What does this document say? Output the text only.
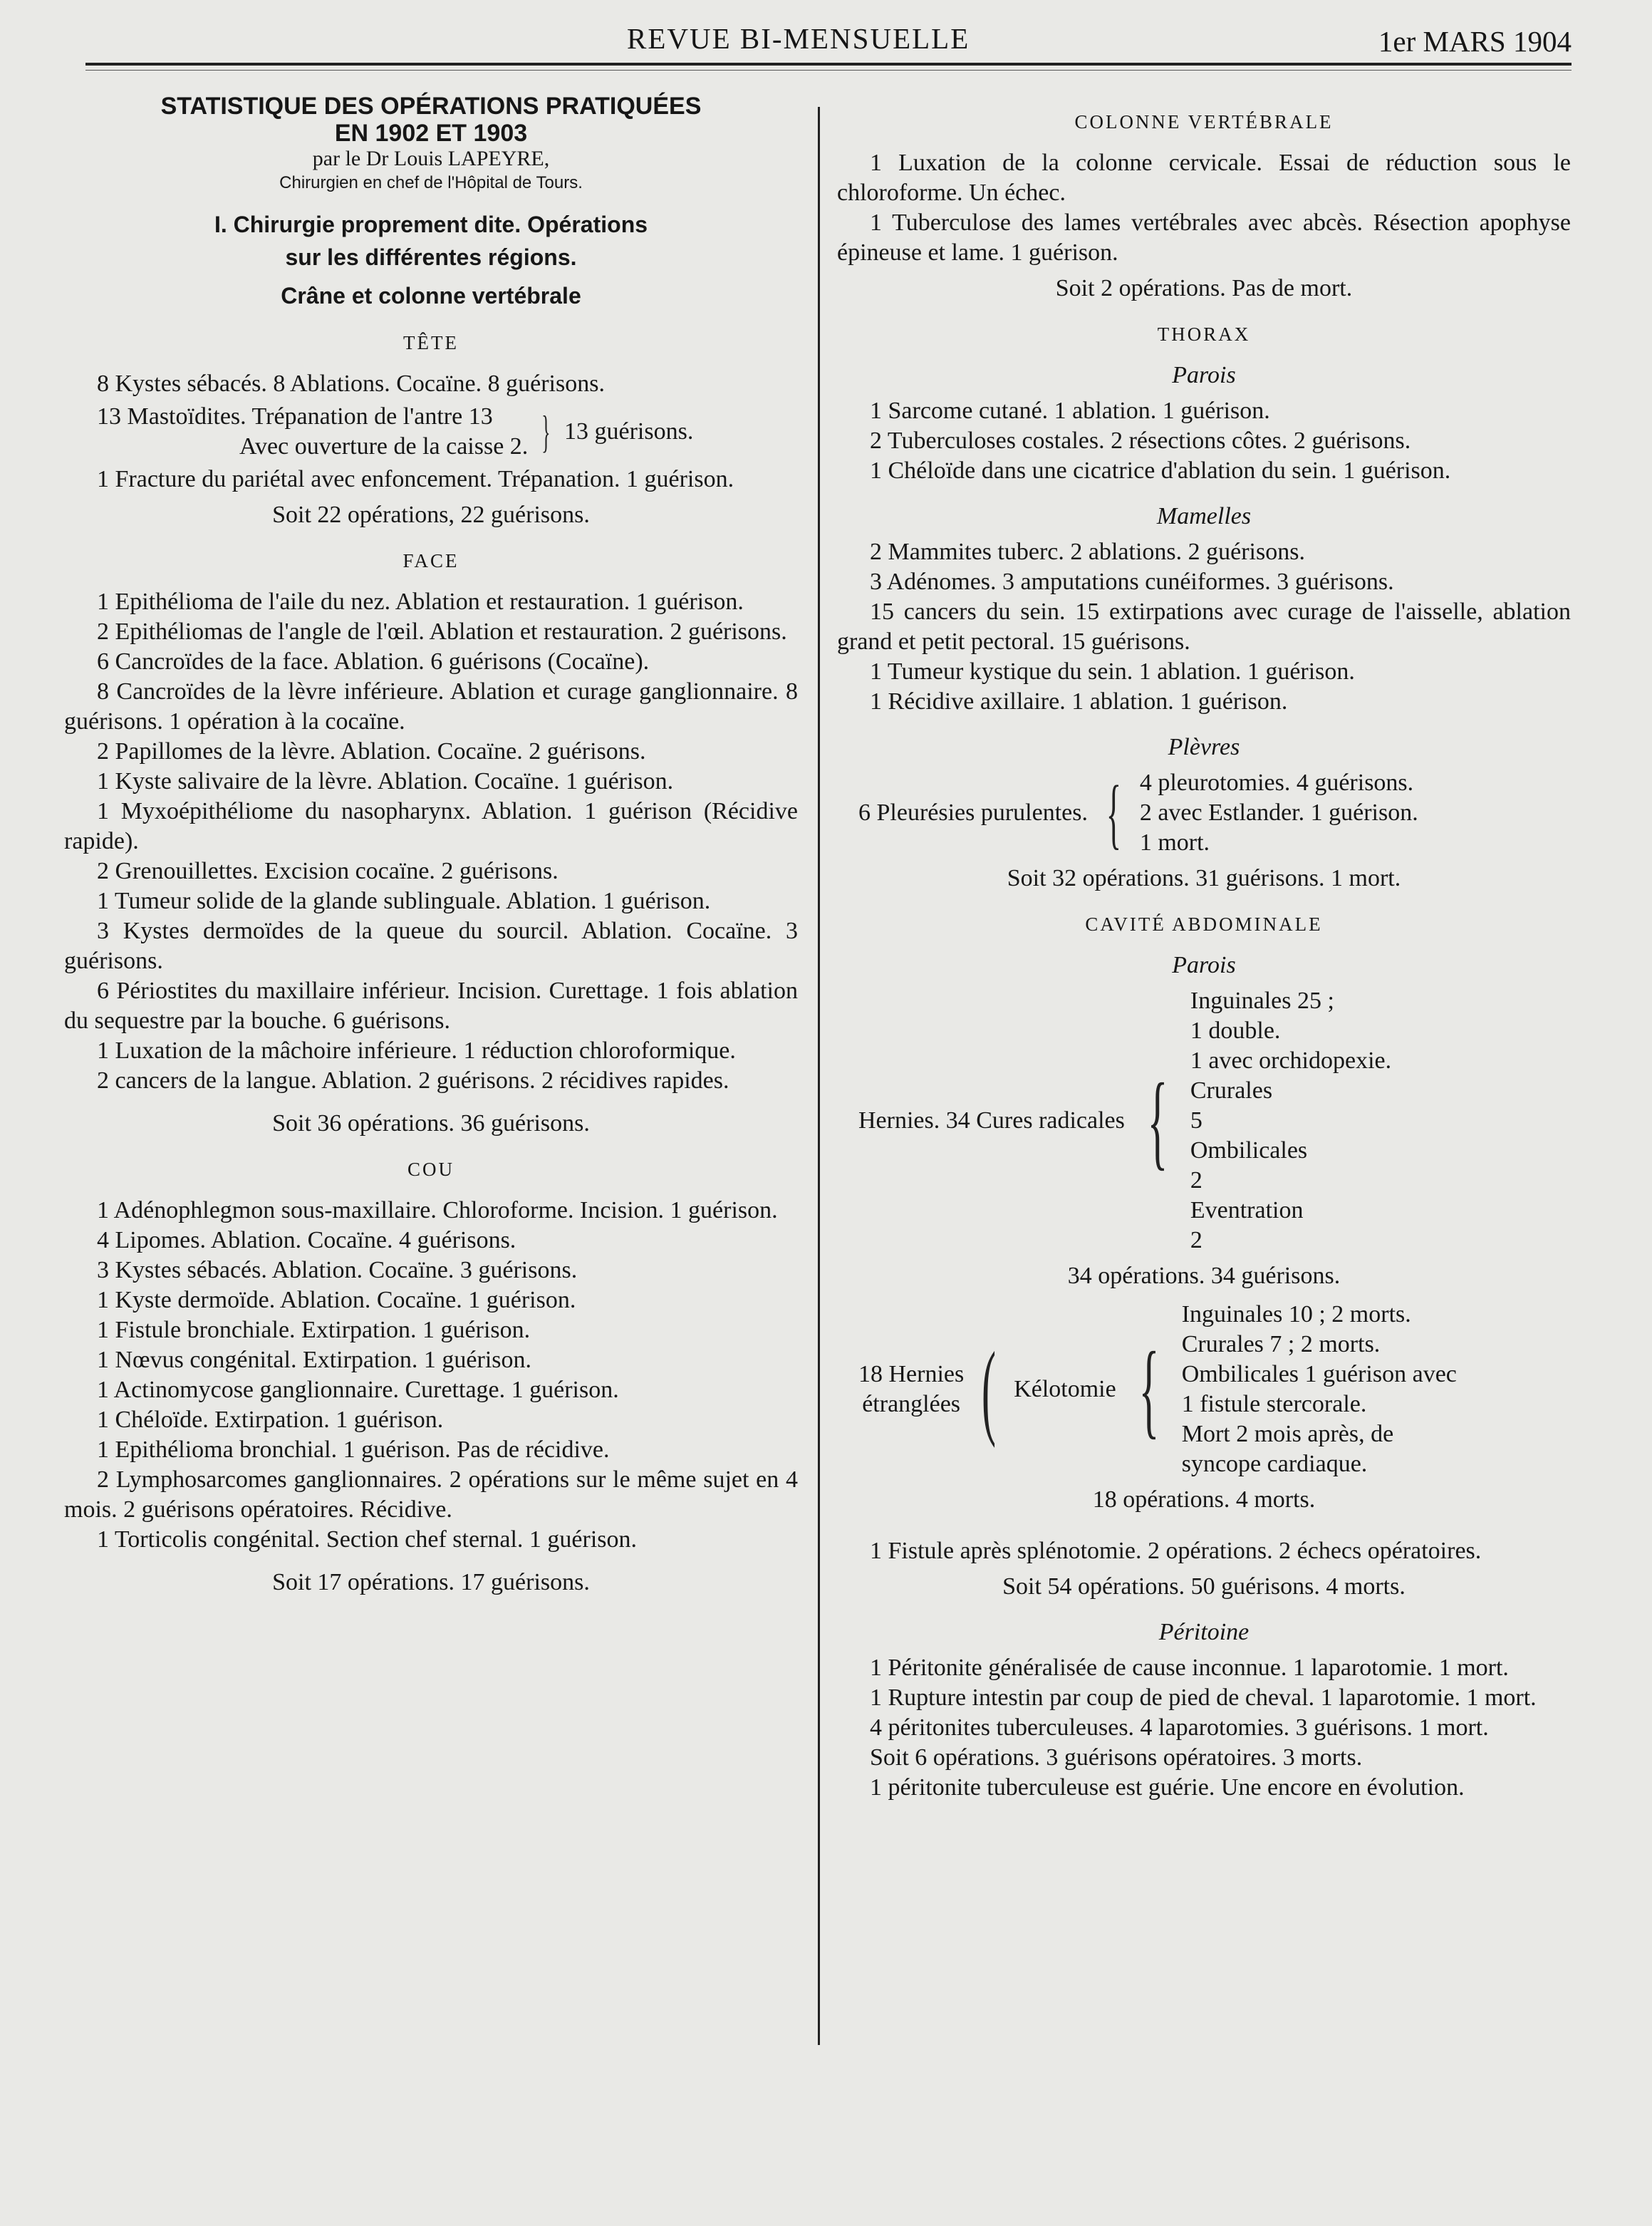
REVUE BI-MENSUELLE	1er MARS 1904

STATISTIQUE DES OPÉRATIONS PRATIQUÉES
EN 1902 ET 1903

par le Dr Louis LAPEYRE,

Chirurgien en chef de l'Hôpital de Tours.

I. Chirurgie proprement dite. Opérations

sur les différentes régions.

Crâne et colonne vertébrale

TÊTE

8 Kystes sébacés. 8 Ablations. Cocaïne. 8 guérisons.

13 Mastoïdites. Trépanation de l'antre 13
Avec ouverture de la caisse 2. } 13 guérisons.

1 Fracture du pariétal avec enfoncement. Trépanation. 1 guérison.

Soit 22 opérations, 22 guérisons.

FACE

1 Epithélioma de l'aile du nez. Ablation et restauration. 1 guérison.

2 Epithéliomas de l'angle de l'œil. Ablation et restauration. 2 guérisons.

6 Cancroïdes de la face. Ablation. 6 guérisons (Cocaïne).

8 Cancroïdes de la lèvre inférieure. Ablation et curage ganglionnaire. 8 guérisons. 1 opération à la cocaïne.

2 Papillomes de la lèvre. Ablation. Cocaïne. 2 guérisons.

1 Kyste salivaire de la lèvre. Ablation. Cocaïne. 1 guérison.

1 Myxoépithéliome du nasopharynx. Ablation. 1 guérison (Récidive rapide).

2 Grenouillettes. Excision cocaïne. 2 guérisons.

1 Tumeur solide de la glande sublinguale. Ablation. 1 guérison.

3 Kystes dermoïdes de la queue du sourcil. Ablation. Cocaïne. 3 guérisons.

6 Périostites du maxillaire inférieur. Incision. Curettage. 1 fois ablation du sequestre par la bouche. 6 guérisons.

1 Luxation de la mâchoire inférieure. 1 réduction chloroformique.

2 cancers de la langue. Ablation. 2 guérisons. 2 récidives rapides.

Soit 36 opérations. 36 guérisons.

COU

1 Adénophlegmon sous-maxillaire. Chloroforme. Incision. 1 guérison.

4 Lipomes. Ablation. Cocaïne. 4 guérisons.

3 Kystes sébacés. Ablation. Cocaïne. 3 guérisons.

1 Kyste dermoïde. Ablation. Cocaïne. 1 guérison.

1 Fistule bronchiale. Extirpation. 1 guérison.

1 Nœvus congénital. Extirpation. 1 guérison.

1 Actinomycose ganglionnaire. Curettage. 1 guérison.

1 Chéloïde. Extirpation. 1 guérison.

1 Epithélioma bronchial. 1 guérison. Pas de récidive.

2 Lymphosarcomes ganglionnaires. 2 opérations sur le même sujet en 4 mois. 2 guérisons opératoires. Récidive.

1 Torticolis congénital. Section chef sternal. 1 guérison.

Soit 17 opérations. 17 guérisons.

COLONNE VERTÉBRALE

1 Luxation de la colonne cervicale. Essai de réduction sous le chloroforme. Un échec.

1 Tuberculose des lames vertébrales avec abcès. Résection apophyse épineuse et lame. 1 guérison.

Soit 2 opérations. Pas de mort.

THORAX

Parois

1 Sarcome cutané. 1 ablation. 1 guérison.

2 Tuberculoses costales. 2 résections côtes. 2 guérisons.

1 Chéloïde dans une cicatrice d'ablation du sein. 1 guérison.

Mamelles

2 Mammites tuberc. 2 ablations. 2 guérisons.

3 Adénomes. 3 amputations cunéiformes. 3 guérisons.

15 cancers du sein. 15 extirpations avec curage de l'aisselle, ablation grand et petit pectoral. 15 guérisons.

1 Tumeur kystique du sein. 1 ablation. 1 guérison.

1 Récidive axillaire. 1 ablation. 1 guérison.

Plèvres

6 Pleurésies purulentes. { 4 pleurotomies. 4 guérisons.
2 avec Estlander. 1 guérison.
1 mort.

Soit 32 opérations. 31 guérisons. 1 mort.

CAVITÉ ABDOMINALE

Parois

Hernies. 34 Cures radicales {
Inguinales 25 ;
1 double.
1 avec orchidopexie.
Crurales
5
Ombilicales
2
Eventration
2

34 opérations. 34 guérisons.

18 Hernies
étranglées ( Kélotomie {
Inguinales 10 ; 2 morts.
Crurales 7 ; 2 morts.
Ombilicales 1 guérison avec
1 fistule stercorale.
Mort 2 mois après, de
syncope cardiaque.

18 opérations. 4 morts.

1 Fistule après splénotomie. 2 opérations. 2 échecs opératoires.

Soit 54 opérations. 50 guérisons. 4 morts.

Péritoine

1 Péritonite généralisée de cause inconnue. 1 laparotomie. 1 mort.

1 Rupture intestin par coup de pied de cheval. 1 laparotomie. 1 mort.

4 péritonites tuberculeuses. 4 laparotomies. 3 guérisons. 1 mort.

Soit 6 opérations. 3 guérisons opératoires. 3 morts.

1 péritonite tuberculeuse est guérie. Une encore en évolution.
